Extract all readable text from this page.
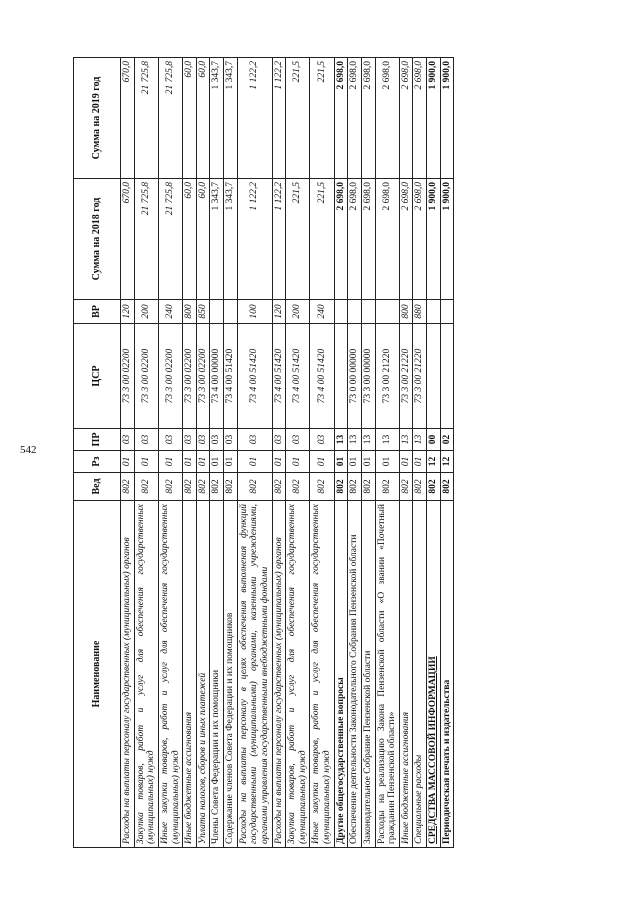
542
Наименование	Вед	Рз	ПР	ЦСР	ВР	Сумма на 2018 год	Сумма на 2019 год
Расходы на выплаты персоналу государственных (муниципальных) органов	802	01	03	73 3 00 02200	120	670,0	670,0
Закупка товаров, работ и услуг для обеспечения государственных (муниципальных) нужд	802	01	03	73 3 00 02200	200	21 725,8	21 725,8
Иные закупки товаров, работ и услуг для обеспечения государственных (муниципальных) нужд	802	01	03	73 3 00 02200	240	21 725,8	21 725,8
Иные бюджетные ассигнования	802	01	03	73 3 00 02200	800	60,0	60,0
Уплата налогов, сборов и иных платежей	802	01	03	73 3 00 02200	850	60,0	60,0
Члены Совета Федерации и их помощники	802	01	03	73 4 00 00000		1 343,7	1 343,7
Содержание членов Совета Федерации и их помощников	802	01	03	73 4 00 51420		1 343,7	1 343,7
Расходы на выплаты персоналу в целях обеспечения выполнения функций государственными (муниципальными) органами, казенными учреждениями, органами управления государственными внебюджетными фондами	802	01	03	73 4 00 51420	100	1 122,2	1 122,2
Расходы на выплаты персоналу государственных (муниципальных) органов	802	01	03	73 4 00 51420	120	1 122,2	1 122,2
Закупка товаров, работ и услуг для обеспечения государственных (муниципальных) нужд	802	01	03	73 4 00 51420	200	221,5	221,5
Иные закупки товаров, работ и услуг для обеспечения государственных (муниципальных) нужд	802	01	03	73 4 00 51420	240	221,5	221,5
Другие общегосударственные вопросы	802	01	13			2 698,0	2 698,0
Обеспечение деятельности Законодательного Собрания Пензенской области	802	01	13	73 0 00 00000		2 698,0	2 698,0
Законодательное Собрание Пензенской области	802	01	13	73 3 00 00000		2 698,0	2 698,0
Расходы на реализацию Закона Пензенской области «О звании «Почетный гражданин Пензенской области»	802	01	13	73 3 00 21220		2 698,0	2 698,0
Иные бюджетные ассигнования	802	01	13	73 3 00 21220	800	2 698,0	2 698,0
Специальные расходы	802	01	13	73 3 00 21220	880	2 698,0	2 698,0
СРЕДСТВА МАССОВОЙ ИНФОРМАЦИИ	802	12	00			1 900,0	1 900,0
Периодическая печать и издательства	802	12	02			1 900,0	1 900,0
